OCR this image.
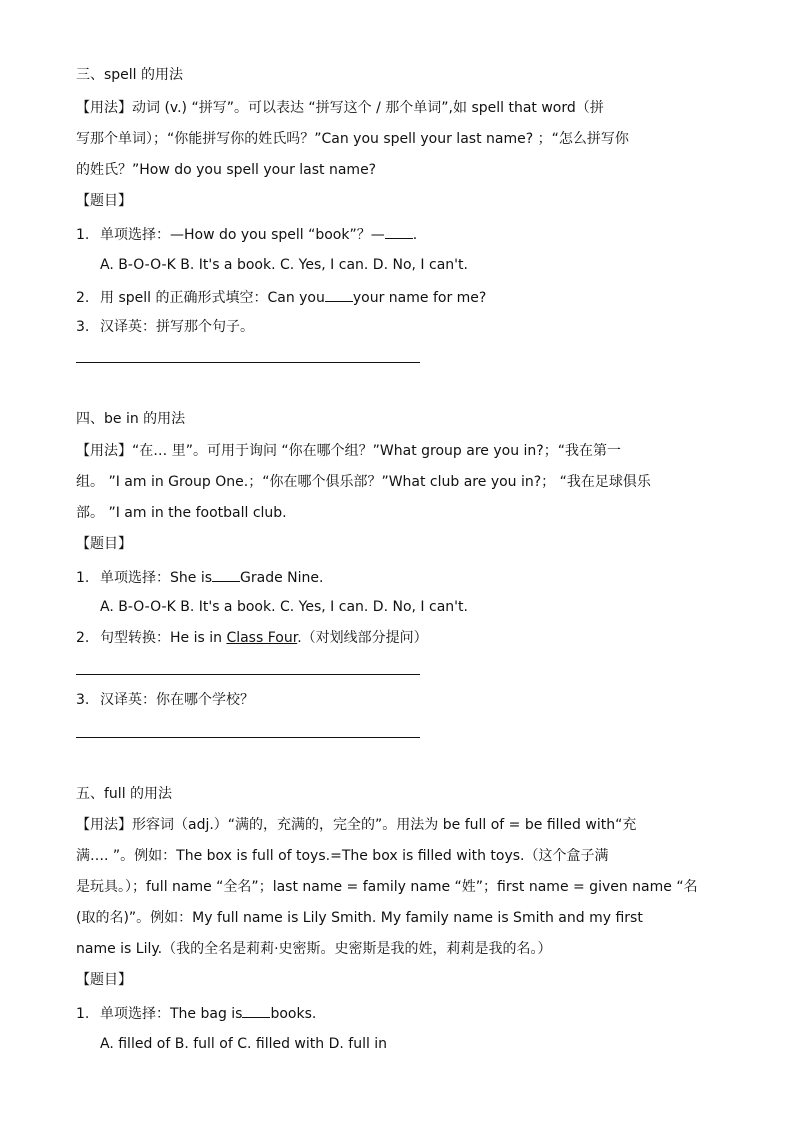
三、spell 的用法
【用法】动词 (v.) “拼写”。可以表达 “拼写这个 / 那个单词”,如 spell that word（拼
写那个单词）；“你能拼写你的姓氏吗？”Can you spell your last name? ；“怎么拼写你
的姓氏？”How do you spell your last name?
【题目】
1. 单项选择：—How do you spell “book”？— .
A. B-O-O-K B. It's a book. C. Yes, I can. D. No, I can't.
2. 用 spell 的正确形式填空：Can you your name for me?
3. 汉译英：拼写那个句子。
四、be in 的用法
【用法】“在… 里”。可用于询问 “你在哪个组？”What group are you in?；“我在第一
组。 ”I am in Group One.；“你在哪个俱乐部？”What club are you in?； “我在足球俱乐
部。 ”I am in the football club.
【题目】
1. 单项选择：She is Grade Nine.
A. B-O-O-K B. It's a book. C. Yes, I can. D. No, I can't.
2. 句型转换：He is in Class Four.（对划线部分提问）
3. 汉译英：你在哪个学校？
五、full 的用法
【用法】形容词（adj.）“满的，充满的，完全的”。用法为 be full of = be filled with“充
满…. ”。例如：The box is full of toys.=The box is filled with toys.（这个盒子满
是玩具。）；full name “全名”；last name = family name “姓”；first name = given name “名
(取的名)”。例如：My full name is Lily Smith. My family name is Smith and my first
name is Lily.（我的全名是莉莉·史密斯。史密斯是我的姓，莉莉是我的名。）
【题目】
1. 单项选择：The bag is books.
A. filled of B. full of C. filled with D. full in
